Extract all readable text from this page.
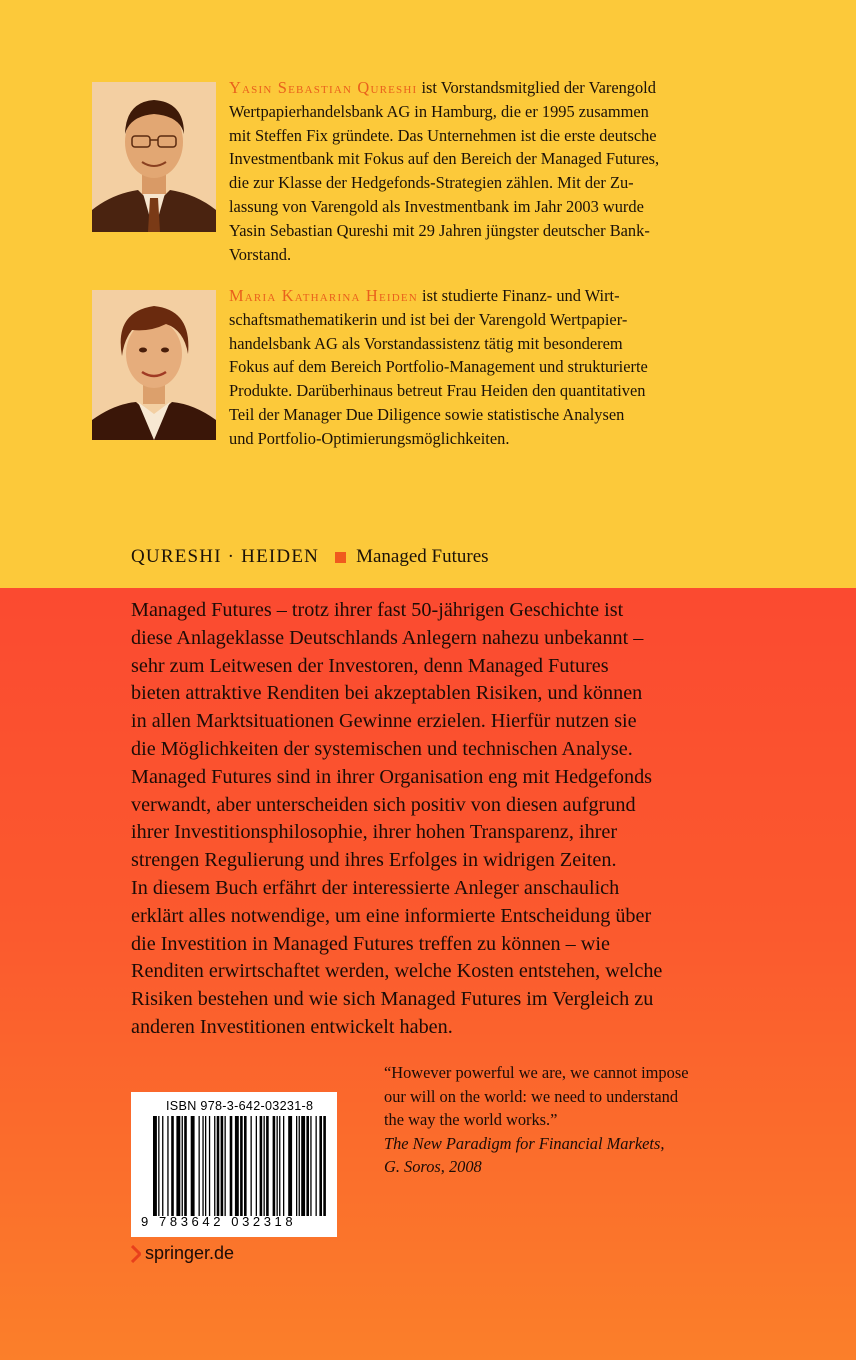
Yasin Sebastian Qureshi ist Vorstandsmitglied der Varengold
Wertpapierhandelsbank AG in Hamburg, die er 1995 zusammen
mit Steffen Fix gründete. Das Unternehmen ist die erste deutsche
Investmentbank mit Fokus auf den Bereich der Managed Futures,
die zur Klasse der Hedgefonds-Strategien zählen. Mit der Zu-
lassung von Varengold als Investmentbank im Jahr 2003 wurde
Yasin Sebastian Qureshi mit 29 Jahren jüngster deutscher Bank-
Vorstand.

Maria Katharina Heiden ist studierte Finanz- und Wirt-
schaftsmathematikerin und ist bei der Varengold Wertpapier-
handelsbank AG als Vorstandassistenz tätig mit besonderem
Fokus auf dem Bereich Portfolio-Management und strukturierte
Produkte. Darüberhinaus betreut Frau Heiden den quantitativen
Teil der Manager Due Diligence sowie statistische Analysen
und Portfolio-Optimierungsmöglichkeiten.

QURESHI · HEIDEN Managed Futures
Managed Futures – trotz ihrer fast 50-jährigen Geschichte ist
diese Anlageklasse Deutschlands Anlegern nahezu unbekannt –
sehr zum Leitwesen der Investoren, denn Managed Futures
bieten attraktive Renditen bei akzeptablen Risiken, und können
in allen Marktsituationen Gewinne erzielen. Hierfür nutzen sie
die Möglichkeiten der systemischen und technischen Analyse.
Managed Futures sind in ihrer Organisation eng mit Hedgefonds
verwandt, aber unterscheiden sich positiv von diesen aufgrund
ihrer Investitionsphilosophie, ihrer hohen Transparenz, ihrer
strengen Regulierung und ihres Erfolges in widrigen Zeiten.
In diesem Buch erfährt der interessierte Anleger anschaulich
erklärt alles notwendige, um eine informierte Entscheidung über
die Investition in Managed Futures treffen zu können – wie
Renditen erwirtschaftet werden, welche Kosten entstehen, welche
Risiken bestehen und wie sich Managed Futures im Vergleich zu
anderen Investitionen entwickelt haben.
“However powerful we are, we cannot impose
our will on the world: we need to understand
the way the world works.”
The New Paradigm for Financial Markets,
G. Soros, 2008
ISBN 978-3-642-03231-8
9 783642 032318
springer.de
